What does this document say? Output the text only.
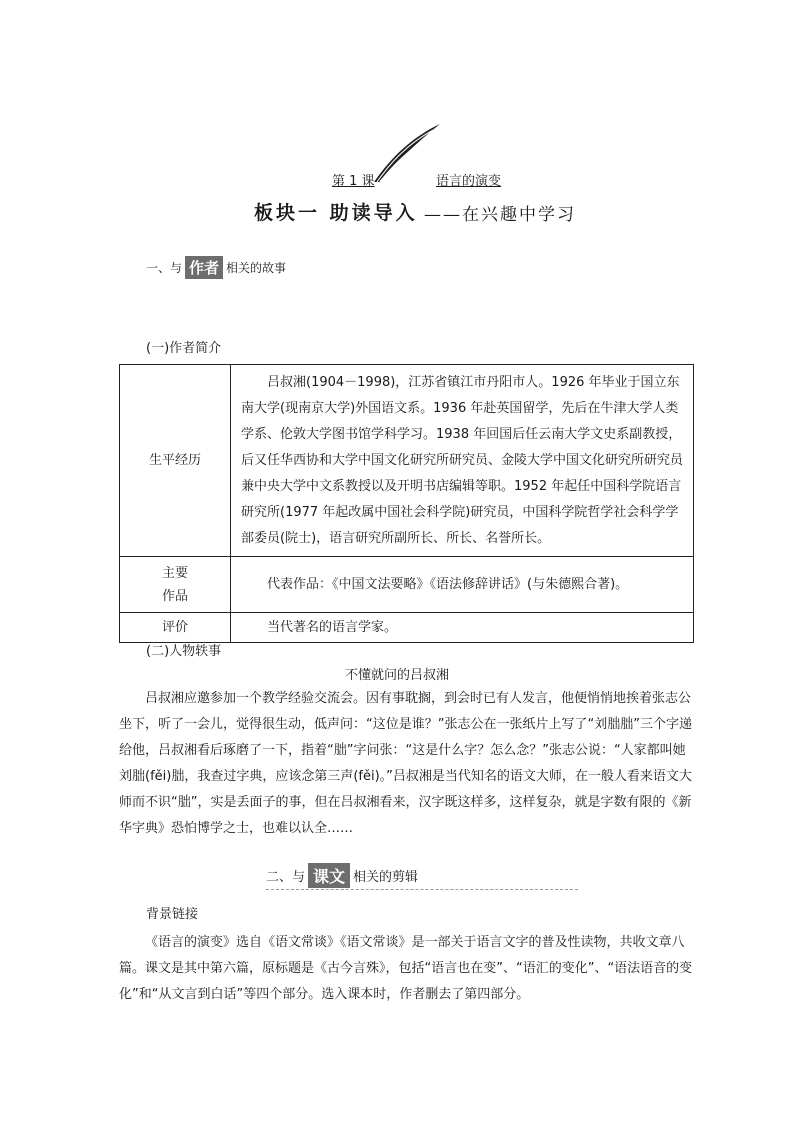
第 1 课	语言的演变
板块一 助读导入 ——在兴趣中学习
一、与 作者 相关的故事
(一)作者简介
生平经历	吕叔湘(1904－1998)，江苏省镇江市丹阳市人。1926 年毕业于国立东南大学(现南京大学)外国语文系。1936 年赴英国留学，先后在牛津大学人类学系、伦敦大学图书馆学科学习。1938 年回国后任云南大学文史系副教授，后又任华西协和大学中国文化研究所研究员、金陵大学中国文化研究所研究员兼中央大学中文系教授以及开明书店编辑等职。1952 年起任中国科学院语言研究所(1977 年起改属中国社会科学院)研究员，中国科学院哲学社会科学学部委员(院士)，语言研究所副所长、所长、名誉所长。

主要
作品	代表作品：《中国文法要略》《语法修辞讲话》(与朱德熙合著)。
评价	当代著名的语言学家。
(二)人物轶事
不懂就问的吕叔湘
吕叔湘应邀参加一个教学经验交流会。因有事耽搁，到会时已有人发言，他便悄悄地挨着张志公坐下，听了一会儿，觉得很生动，低声问：“这位是谁？”张志公在一张纸片上写了“刘朏朏”三个字递给他，吕叔湘看后琢磨了一下，指着“朏”字问张：“这是什么字？怎么念？”张志公说：“人家都叫她刘朏(fěi)朏，我查过字典，应该念第三声(fěi)。”吕叔湘是当代知名的语文大师，在一般人看来语文大师而不识“朏”，实是丢面子的事，但在吕叔湘看来，汉字既这样多，这样复杂，就是字数有限的《新华字典》恐怕博学之士，也难以认全……
二、与 课文 相关的剪辑
背景链接
《语言的演变》选自《语文常谈》《语文常谈》是一部关于语言文字的普及性读物，共收文章八篇。课文是其中第六篇，原标题是《古今言殊》，包括“语言也在变”、“语汇的变化”、“语法语音的变化”和“从文言到白话”等四个部分。选入课本时，作者删去了第四部分。
